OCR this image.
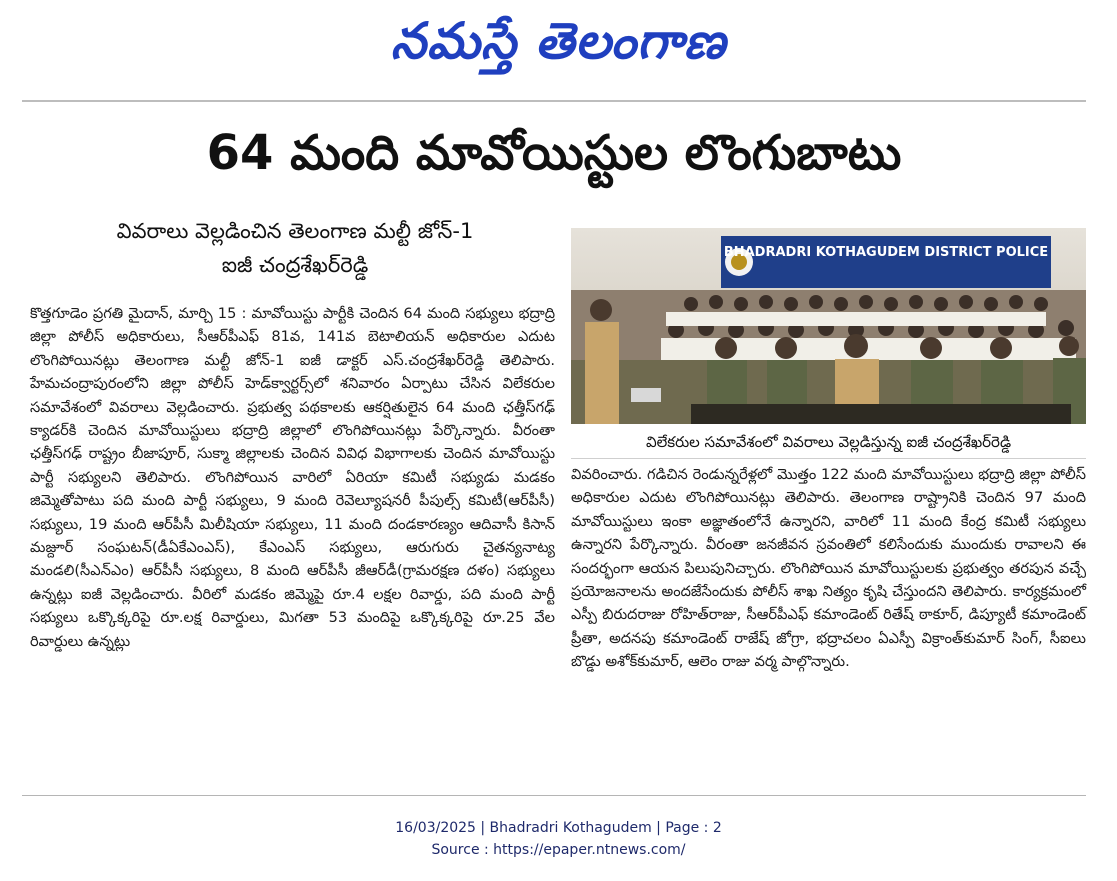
నమస్తే తెలంగాణ
64 మంది మావోయిస్టుల లొంగుబాటు
వివరాలు వెల్లడించిన తెలంగాణ మల్టీ జోన్-1
ఐజీ చంద్రశేఖర్‌రెడ్డి
కొత్తగూడెం ప్రగతి మైదాన్, మార్చి 15 : మావోయిస్టు పార్టీకి చెందిన 64 మంది సభ్యులు భద్రాద్రి జిల్లా పోలీస్ అధికారులు, సీఆర్‌పీఎఫ్ 81వ, 141వ బెటాలియన్ అధికారుల ఎదుట లొంగిపోయినట్లు తెలంగాణ మల్టీ జోన్-1 ఐజీ డాక్టర్ ఎస్.చంద్రశేఖర్‌రెడ్డి తెలిపారు. హేమచంద్రాపురంలోని జిల్లా పోలీస్ హెడ్‌క్వార్టర్స్‌లో శనివారం ఏర్పాటు చేసిన విలేకరుల సమావేశంలో వివరాలు వెల్లడించారు. ప్రభుత్వ పథకాలకు ఆకర్షితులైన 64 మంది ఛత్తీస్‌గఢ్ క్యాడర్‌కి చెందిన మావోయిస్టులు భద్రాద్రి జిల్లాలో లొంగిపోయినట్లు పేర్కొన్నారు. వీరంతా ఛత్తీస్‌గఢ్ రాష్ట్రం బీజాపూర్, సుక్మా జిల్లాలకు చెందిన వివిధ విభాగాలకు చెందిన మావోయిస్టు పార్టీ సభ్యులని తెలిపారు. లొంగిపోయిన వారిలో ఏరియా కమిటీ సభ్యుడు మడకం జిమ్మెతోపాటు పది మంది పార్టీ సభ్యులు, 9 మంది రెవెల్యూషనరీ పీపుల్స్ కమిటీ(ఆర్‌పీసీ) సభ్యులు, 19 మంది ఆర్‌పీసీ మిలీషియా సభ్యులు, 11 మంది దండకారణ్యం ఆదివాసీ కిసాన్ మజ్దూర్ సంఘటన్(డీఏకేఎంఎస్), కేఎంఎస్ సభ్యులు, ఆరుగురు చైతన్యనాట్య మండలి(సీఎన్‌ఎం) ఆర్‌పీసీ సభ్యులు, 8 మంది ఆర్‌పీసీ జీఆర్‌డీ(గ్రామరక్షణ దళం) సభ్యులు ఉన్నట్లు ఐజీ వెల్లడించారు. వీరిలో మడకం జిమ్మెపై రూ.4 లక్షల రివార్డు, పది మంది పార్టీ సభ్యులు ఒక్కొక్కరిపై రూ.లక్ష రివార్డులు, మిగతా 53 మందిపై ఒక్కొక్కరిపై రూ.25 వేల రివార్డులు ఉన్నట్లు
BHADRADRI KOTHAGUDEM DISTRICT POLICE
విలేకరుల సమావేశంలో వివరాలు వెల్లడిస్తున్న ఐజీ చంద్రశేఖర్‌రెడ్డి
వివరించారు. గడిచిన రెండున్నరేళ్లలో మొత్తం 122 మంది మావోయిస్టులు భద్రాద్రి జిల్లా పోలీస్ అధికారుల ఎదుట లొంగిపోయినట్లు తెలిపారు. తెలంగాణ రాష్ట్రానికి చెందిన 97 మంది మావోయిస్టులు ఇంకా అజ్ఞాతంలోనే ఉన్నారని, వారిలో 11 మంది కేంద్ర కమిటీ సభ్యులు ఉన్నారని పేర్కొన్నారు. వీరంతా జనజీవన స్రవంతిలో కలిసేందుకు ముందుకు రావాలని ఈ సందర్భంగా ఆయన పిలుపునిచ్చారు. లొంగిపోయిన మావోయిస్టులకు ప్రభుత్వం తరపున వచ్చే ప్రయోజనాలను అందజేసేందుకు పోలీస్ శాఖ నిత్యం కృషి చేస్తుందని తెలిపారు. కార్యక్రమంలో ఎస్పీ బిరుదరాజు రోహిత్‌రాజు, సీఆర్‌పీఎఫ్ కమాండెంట్ రితేష్ ఠాకూర్, డిప్యూటీ కమాండెంట్ ప్రీతా, అదనపు కమాండెంట్ రాజేష్ జోగ్రా, భద్రాచలం ఏఎస్పీ విక్రాంత్‌కుమార్ సింగ్, సీఐలు బొడ్డు అశోక్‌కుమార్, ఆలెం రాజు వర్మ పాల్గొన్నారు.
16/03/2025 | Bhadradri Kothagudem | Page : 2
Source : https://epaper.ntnews.com/
